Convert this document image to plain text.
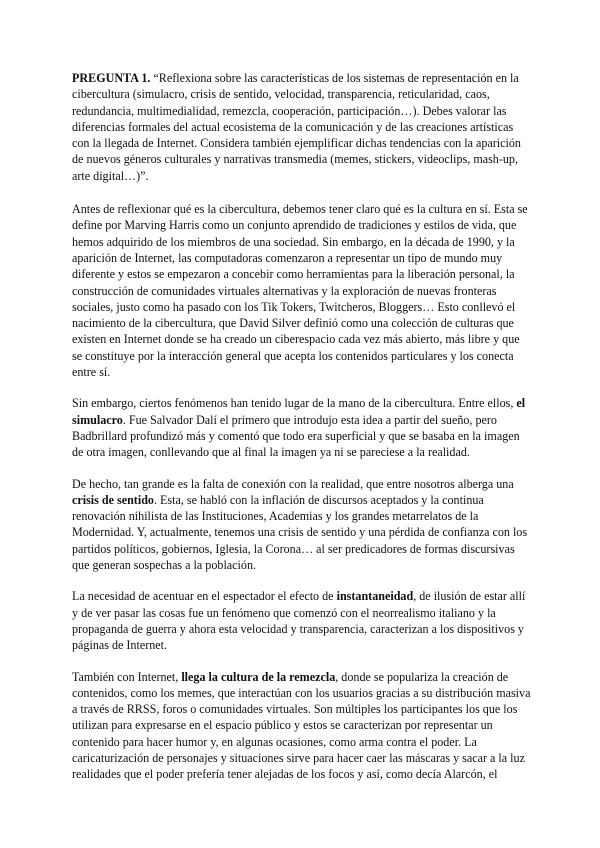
PREGUNTA 1. “Reflexiona sobre las características de los sistemas de representación en la cibercultura (simulacro, crisis de sentido, velocidad, transparencia, reticularidad, caos, redundancia, multimedialidad, remezcla, cooperación, participación…). Debes valorar las diferencias formales del actual ecosistema de la comunicación y de las creaciones artísticas con la llegada de Internet. Considera también ejemplificar dichas tendencias con la aparición de nuevos géneros culturales y narrativas transmedia (memes, stickers, videoclips, mash-up, arte digital…)”.

Antes de reflexionar qué es la cibercultura, debemos tener claro qué es la cultura en sí. Esta se define por Marving Harris como un conjunto aprendido de tradiciones y estilos de vida, que hemos adquirido de los miembros de una sociedad. Sin embargo, en la década de 1990, y la aparición de Internet, las computadoras comenzaron a representar un tipo de mundo muy diferente y estos se empezaron a concebir como herramientas para la liberación personal, la construcción de comunidades virtuales alternativas y la exploración de nuevas fronteras sociales, justo como ha pasado con los Tik Tokers, Twitcheros, Bloggers… Esto conllevó el nacimiento de la cibercultura, que David Silver definió como una colección de culturas que existen en Internet donde se ha creado un ciberespacio cada vez más abierto, más libre y que se constituye por la interacción general que acepta los contenidos particulares y los conecta entre sí.

Sin embargo, ciertos fenómenos han tenido lugar de la mano de la cibercultura. Entre ellos, el simulacro. Fue Salvador Dalí el primero que introdujo esta idea a partir del sueño, pero Badbrillard profundizó más y comentó que todo era superficial y que se basaba en la imagen de otra imagen, conllevando que al final la imagen ya ni se pareciese a la realidad.

De hecho, tan grande es la falta de conexión con la realidad, que entre nosotros alberga una crisis de sentido. Esta, se habló con la inflación de discursos aceptados y la continua renovación nihilista de las Instituciones, Academias y los grandes metarrelatos de la Modernidad. Y, actualmente, tenemos una crisis de sentido y una pérdida de confianza con los partidos políticos, gobiernos, Iglesia, la Corona… al ser predicadores de formas discursivas que generan sospechas a la población.

La necesidad de acentuar en el espectador el efecto de instantaneidad, de ilusión de estar allí y de ver pasar las cosas fue un fenómeno que comenzó con el neorrealismo italiano y la propaganda de guerra y ahora esta velocidad y transparencia, caracterizan a los dispositivos y páginas de Internet.

También con Internet, llega la cultura de la remezcla, donde se populariza la creación de contenidos, como los memes, que interactúan con los usuarios gracias a su distribución masiva a través de RRSS, foros o comunidades virtuales. Son múltiples los participantes los que los utilizan para expresarse en el espacio público y estos se caracterizan por representar un contenido para hacer humor y, en algunas ocasiones, como arma contra el poder. La caricaturización de personajes y situaciones sirve para hacer caer las máscaras y sacar a la luz realidades que el poder prefería tener alejadas de los focos y así, como decía Alarcón, el
